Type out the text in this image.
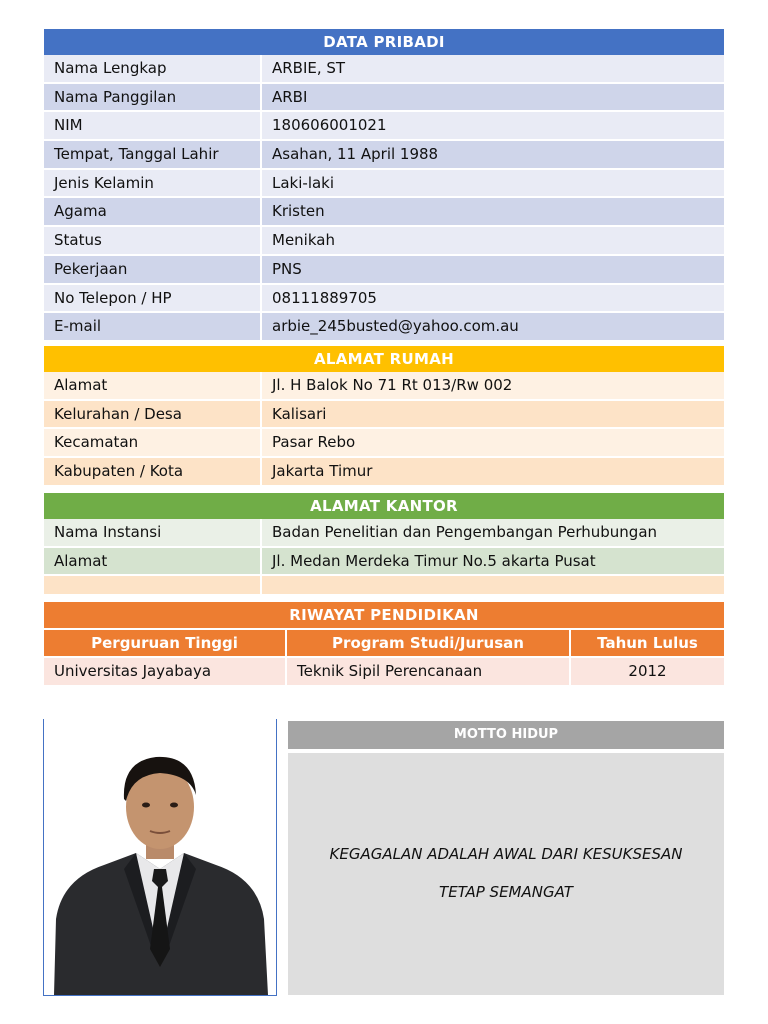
DATA PRIBADI
Nama Lengkap	ARBIE, ST
Nama Panggilan	ARBI
NIM	180606001021
Tempat, Tanggal Lahir	Asahan, 11 April 1988
Jenis Kelamin	Laki-laki
Agama	Kristen
Status	Menikah
Pekerjaan	PNS
No Telepon / HP	08111889705
E-mail	arbie_245busted@yahoo.com.au
ALAMAT RUMAH
Alamat	Jl. H Balok No 71 Rt 013/Rw 002
Kelurahan / Desa	Kalisari
Kecamatan	Pasar Rebo
Kabupaten / Kota	Jakarta Timur
ALAMAT KANTOR
Nama Instansi	Badan Penelitian dan Pengembangan Perhubungan
Alamat	Jl. Medan Merdeka Timur No.5 akarta Pusat
RIWAYAT PENDIDIKAN
Perguruan Tinggi	Program Studi/Jurusan	Tahun Lulus
Universitas Jayabaya	Teknik Sipil Perencanaan	2012
MOTTO HIDUP
KEGAGALAN ADALAH AWAL DARI KESUKSESAN
TETAP SEMANGAT
